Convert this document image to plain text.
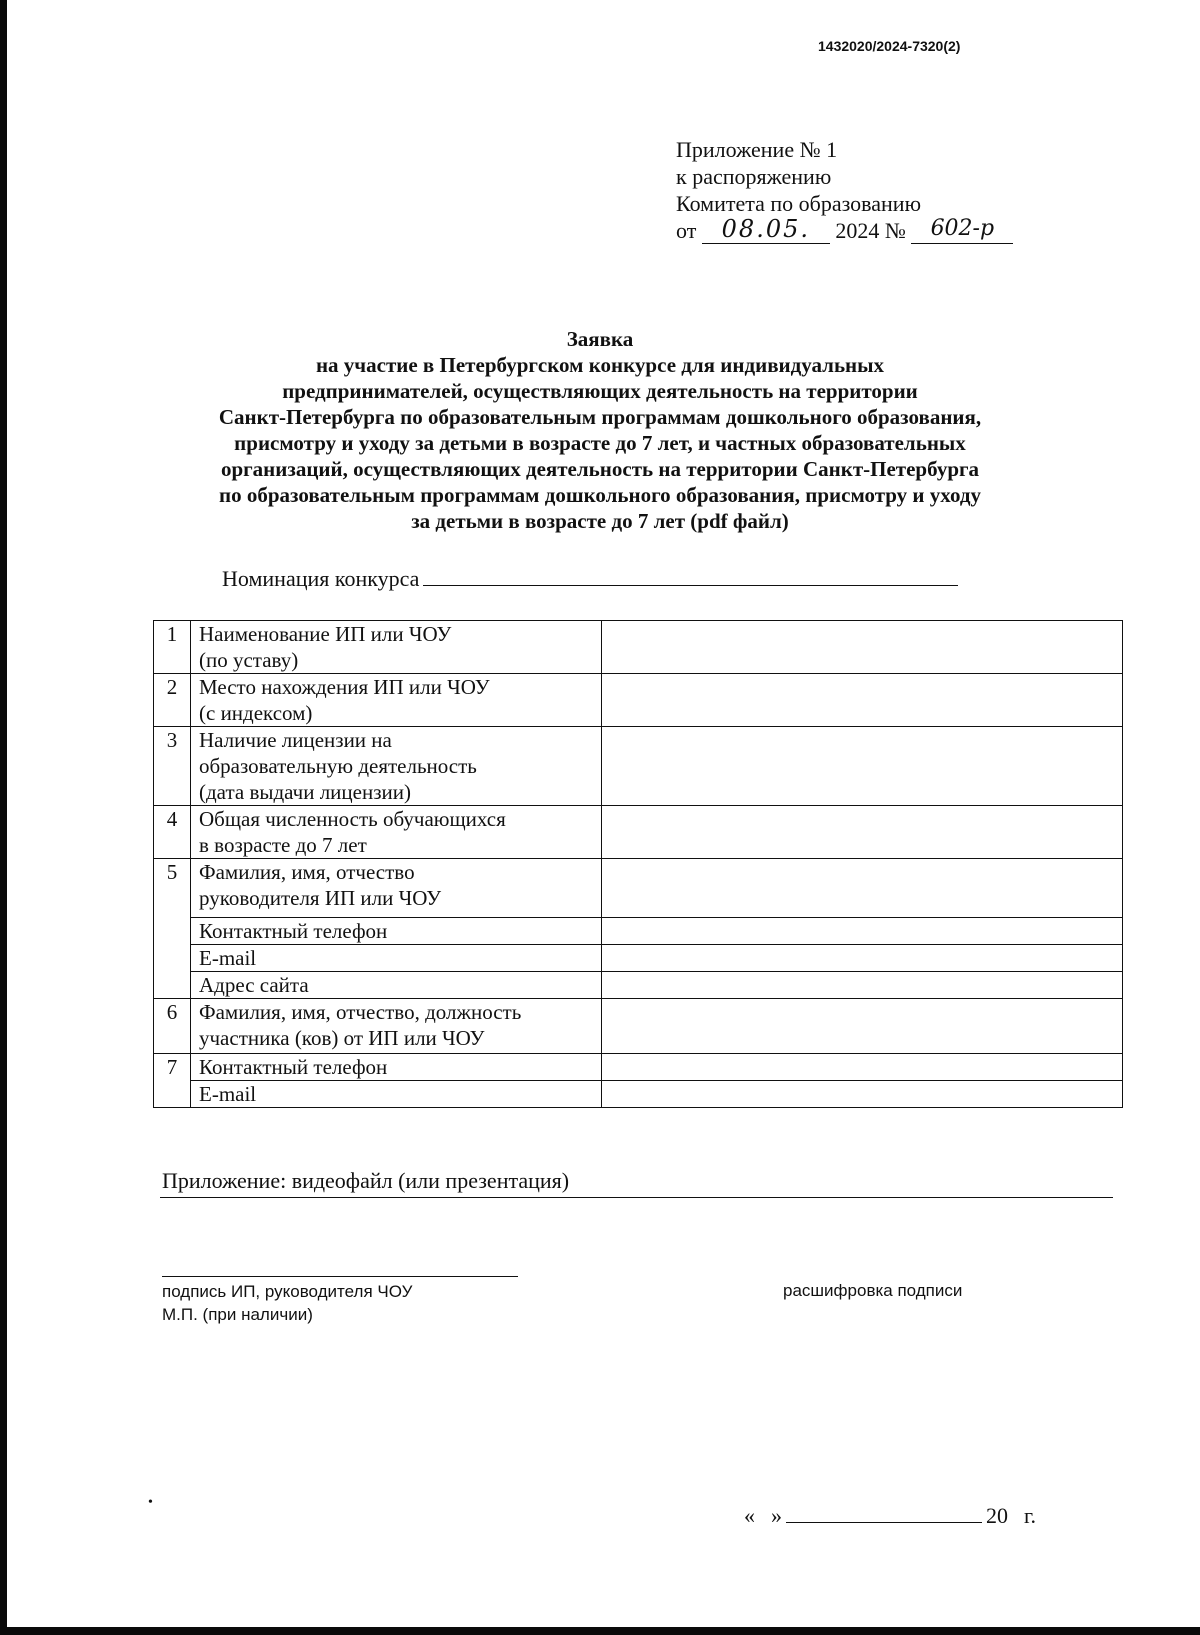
1432020/2024-7320(2)
Приложение № 1
к распоряжению
Комитета по образованию
от 08.05. 2024 № 602-р
Заявка
на участие в Петербургском конкурсе для индивидуальных
предпринимателей, осуществляющих деятельность на территории
Санкт-Петербурга по образовательным программам дошкольного образования,
присмотру и уходу за детьми в возрасте до 7 лет, и частных образовательных
организаций, осуществляющих деятельность на территории Санкт-Петербурга
по образовательным программам дошкольного образования, присмотру и уходу
за детьми в возрасте до 7 лет (pdf файл)
Номинация конкурса
1	Наименование ИП или ЧОУ
(по уставу)	

2	Место нахождения ИП или ЧОУ
(с индексом)	

3	Наличие лицензии на
образовательную деятельность
(дата выдачи лицензии)	

4	Общая численность обучающихся
в возрасте до 7 лет	

5	Фамилия, имя, отчество
руководителя ИП или ЧОУ	

	Контактный телефон	
	E-mail	
	Адрес сайта	
6	Фамилия, имя, отчество, должность
участника (ков) от ИП или ЧОУ	

7	Контактный телефон	
	E-mail	
Приложение: видеофайл (или презентация)
подпись ИП, руководителя ЧОУ
М.П. (при наличии)
расшифровка подписи
•
« »	20 г.
